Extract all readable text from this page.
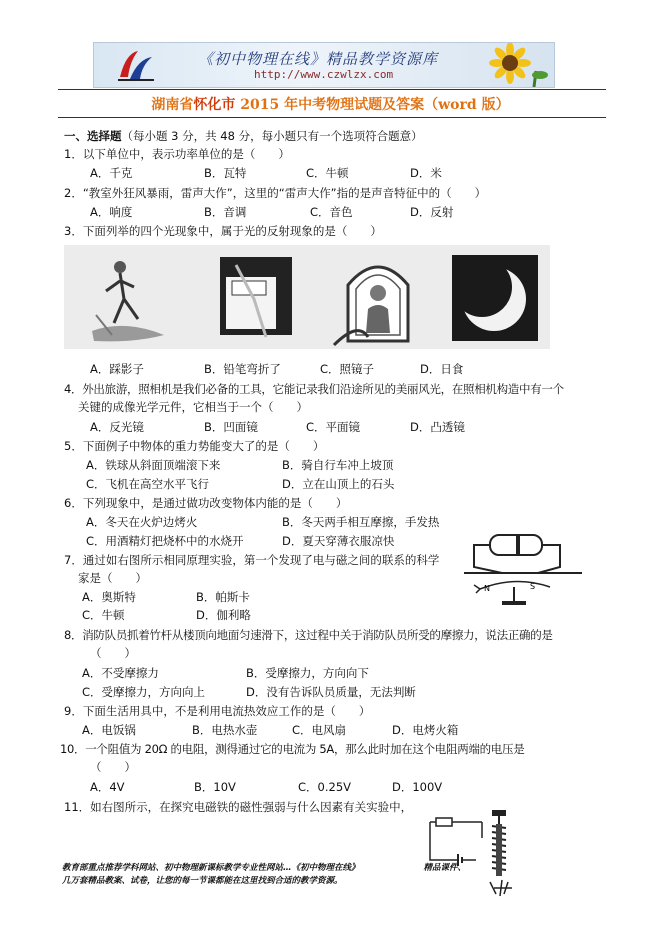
《初中物理在线》精品教学资源库
http://www.czwlzx.com
湖南省怀化市 2015 年中考物理试题及答案（word 版）
一、选择题（每小题 3 分，共 48 分，每小题只有一个选项符合题意）
1．以下单位中，表示功率单位的是（　　）
A．千克	B．瓦特	C．牛顿	D．米
2．“教室外狂风暴雨，雷声大作”，这里的“雷声大作”指的是声音特征中的（　　）
A．响度	B．音调	C．音色	D．反射
3．下面列举的四个光现象中，属于光的反射现象的是（　　）
A．踩影子	B．铅笔弯折了	C．照镜子	D．日食
4．外出旅游，照相机是我们必备的工具，它能记录我们沿途所见的美丽风光，在照相机构造中有一个
关键的成像光学元件，它相当于一个（　　）
A．反光镜	B．凹面镜	C．平面镜	D．凸透镜
5．下面例子中物体的重力势能变大了的是（　　）
A．铁球从斜面顶端滚下来	B．骑自行车冲上坡顶
C．飞机在高空水平飞行	D．立在山顶上的石头
6．下列现象中，是通过做功改变物体内能的是（　　）
A．冬天在火炉边烤火	B．冬天两手相互摩擦，手发热
C．用酒精灯把烧杯中的水烧开	D．夏天穿薄衣服凉快
7．通过如右图所示相同原理实验，第一个发现了电与磁之间的联系的科学
家是（　　）
A．奥斯特	B．帕斯卡
C．牛顿	D．伽利略
N	S
8．消防队员抓着竹杆从楼顶向地面匀速滑下，这过程中关于消防队员所受的摩擦力，说法正确的是
（　　）
A．不受摩擦力	B．受摩擦力，方向向下
C．受摩擦力，方向向上	D．没有告诉队员质量，无法判断
9．下面生活用具中，不是利用电流热效应工作的是（　　）
A．电饭锅	B．电热水壶	C．电风扇	D．电烤火箱
10．一个阻值为 20Ω 的电阻，测得通过它的电流为 5A，那么此时加在这个电阻两端的电压是
（　　）
A．4V	B．10V	C．0.25V	D．100V
11．如右图所示，在探究电磁铁的磁性强弱与什么因素有关实验中，
教育部重点推荐学科网站、初中物理新课标教学专业性网站…《初中物理在线》	精品课件、
几万套精品教案、试卷，让您的每一节课都能在这里找到合适的教学资源。
